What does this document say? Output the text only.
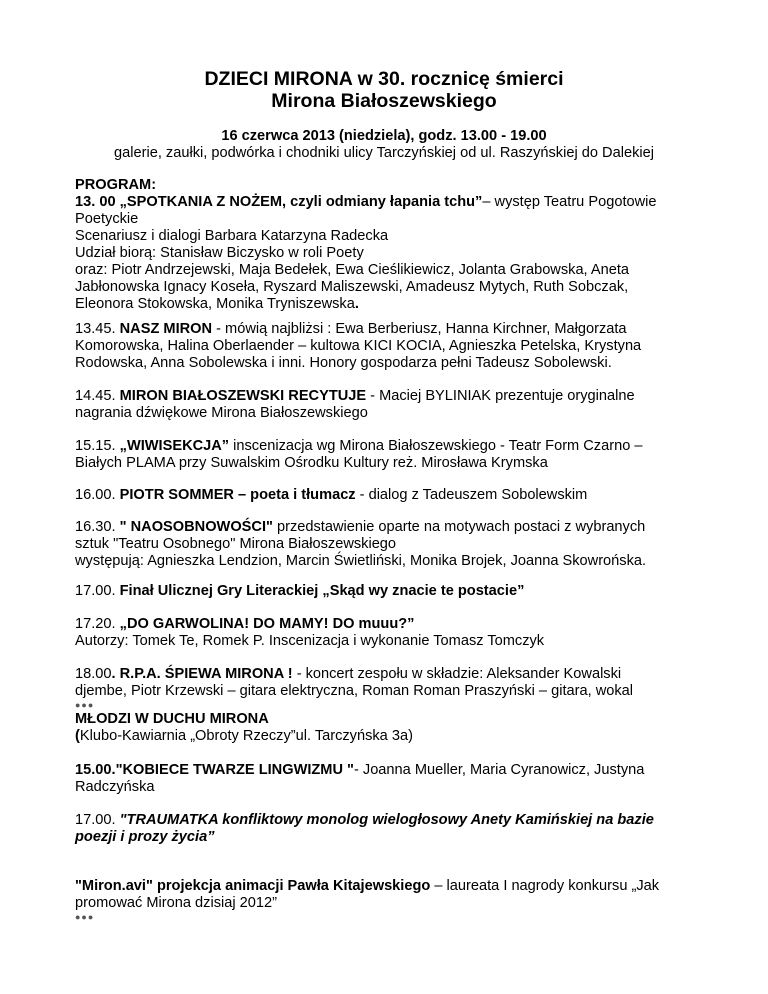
DZIECI MIRONA w 30. rocznicę śmierci
Mirona Białoszewskiego
16 czerwca 2013 (niedziela), godz. 13.00 - 19.00
galerie, zaułki, podwórka i chodniki ulicy Tarczyńskiej od ul. Raszyńskiej do Dalekiej

PROGRAM:

13. 00 „SPOTKANIA Z NOŻEM, czyli odmiany łapania tchu”– występ Teatru Pogotowie

Poetyckie

Scenariusz i dialogi Barbara Katarzyna Radecka

Udział biorą: Stanisław Biczysko w roli Poety

oraz: Piotr Andrzejewski, Maja Bedełek, Ewa Cieślikiewicz, Jolanta Grabowska, Aneta

Jabłonowska Ignacy Koseła, Ryszard Maliszewski, Amadeusz Mytych, Ruth Sobczak,

Eleonora Stokowska, Monika Tryniszewska.

13.45. NASZ MIRON - mówią najbliżsi : Ewa Berberiusz, Hanna Kirchner, Małgorzata

Komorowska, Halina Oberlaender – kultowa KICI KOCIA, Agnieszka Petelska, Krystyna

Rodowska, Anna Sobolewska i inni. Honory gospodarza pełni Tadeusz Sobolewski.

14.45. MIRON BIAŁOSZEWSKI RECYTUJE - Maciej BYLINIAK prezentuje oryginalne

nagrania dźwiękowe Mirona Białoszewskiego

15.15. „WIWISEKCJA” inscenizacja wg Mirona Białoszewskiego - Teatr Form Czarno –

Białych PLAMA przy Suwalskim Ośrodku Kultury reż. Mirosława Krymska

16.00. PIOTR SOMMER – poeta i tłumacz - dialog z Tadeuszem Sobolewskim

16.30. " NAOSOBNOWOŚCI" przedstawienie oparte na motywach postaci z wybranych

sztuk "Teatru Osobnego" Mirona Białoszewskiego

występują: Agnieszka Lendzion, Marcin Świetliński, Monika Brojek, Joanna Skowrońska.

17.00. Finał Ulicznej Gry Literackiej „Skąd wy znacie te postacie”

17.20. „DO GARWOLINA! DO MAMY! DO muuu?”

Autorzy: Tomek Te, Romek P. Inscenizacja i wykonanie Tomasz Tomczyk

18.00. R.P.A. ŚPIEWA MIRONA ! - koncert zespołu w składzie: Aleksander Kowalski

djembe, Piotr Krzewski – gitara elektryczna, Roman Roman Praszyński – gitara, wokal

●●●

MŁODZI W DUCHU MIRONA

(Klubo-Kawiarnia „Obroty Rzeczy”ul. Tarczyńska 3a)

15.00."KOBIECE TWARZE LINGWIZMU "- Joanna Mueller, Maria Cyranowicz, Justyna

Radczyńska

17.00. "TRAUMATKA konfliktowy monolog wielogłosowy Anety Kamińskiej na bazie

poezji i prozy życia”

"Miron.avi" projekcja animacji Pawła Kitajewskiego – laureata I nagrody konkursu „Jak

promować Mirona dzisiaj 2012”

●●●
